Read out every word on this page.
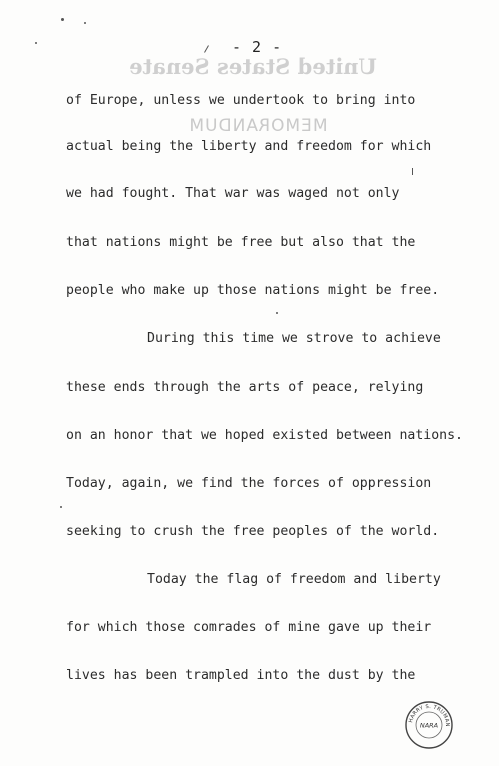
United States Senate
MEMORANDUM
- 2 -
of Europe, unless we undertook to bring into
actual being the liberty and freedom for which
we had fought. That war was waged not only
that nations might be free but also that the
people who make up those nations might be free.
During this time we strove to achieve
these ends through the arts of peace, relying
on an honor that we hoped existed between nations.
Today, again, we find the forces of oppression
seeking to crush the free peoples of the world.
Today the flag of freedom and liberty
for which those comrades of mine gave up their
lives has been trampled into the dust by the
HARRY S. TRUMAN
NARA
